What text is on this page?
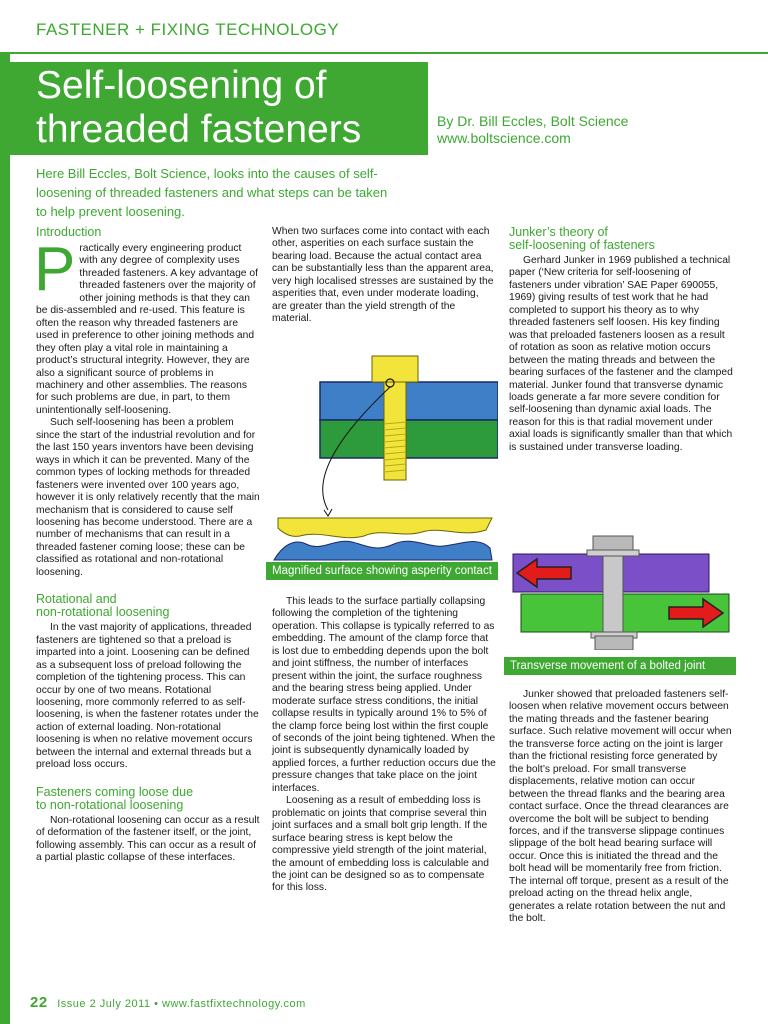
FASTENER + FIXING TECHNOLOGY
Self-loosening of
threaded fasteners	By Dr. Bill Eccles, Bolt Science
www.boltscience.com
Here Bill Eccles, Bolt Science, looks into the causes of self-loosening of threaded fasteners and what steps can be taken to help prevent loosening.
Introduction

Practically every engineering product with any degree of complexity uses threaded fasteners. A key advantage of threaded fasteners over the majority of other joining methods is that they can be dis-assembled and re-used. This feature is often the reason why threaded fasteners are used in preference to other joining methods and they often play a vital role in maintaining a product’s structural integrity. However, they are also a significant source of problems in machinery and other assemblies. The reasons for such problems are due, in part, to them unintentionally self-loosening.

Such self-loosening has been a problem since the start of the industrial revolution and for the last 150 years inventors have been devising ways in which it can be prevented. Many of the common types of locking methods for threaded fasteners were invented over 100 years ago, however it is only relatively recently that the main mechanism that is considered to cause self loosening has become understood. There are a number of mechanisms that can result in a threaded fastener coming loose; these can be classified as rotational and non-rotational loosening.

Rotational and
non-rotational loosening

In the vast majority of applications, threaded fasteners are tightened so that a preload is imparted into a joint. Loosening can be defined as a subsequent loss of preload following the completion of the tightening process. This can occur by one of two means. Rotational loosening, more commonly referred to as self-loosening, is when the fastener rotates under the action of external loading. Non-rotational loosening is when no relative movement occurs between the internal and external threads but a preload loss occurs.

Fasteners coming loose due
to non-rotational loosening

Non-rotational loosening can occur as a result of deformation of the fastener itself, or the joint, following assembly. This can occur as a result of a partial plastic collapse of these interfaces.

When two surfaces come into contact with each other, asperities on each surface sustain the bearing load. Because the actual contact area can be substantially less than the apparent area, very high localised stresses are sustained by the asperities that, even under moderate loading, are greater than the yield strength of the material.

Magnified surface showing asperity contact

This leads to the surface partially collapsing following the completion of the tightening operation. This collapse is typically referred to as embedding. The amount of the clamp force that is lost due to embedding depends upon the bolt and joint stiffness, the number of interfaces present within the joint, the surface roughness and the bearing stress being applied. Under moderate surface stress conditions, the initial collapse results in typically around 1% to 5% of the clamp force being lost within the first couple of seconds of the joint being tightened. When the joint is subsequently dynamically loaded by applied forces, a further reduction occurs due the pressure changes that take place on the joint interfaces.

Loosening as a result of embedding loss is problematic on joints that comprise several thin joint surfaces and a small bolt grip length. If the surface bearing stress is kept below the compressive yield strength of the joint material, the amount of embedding loss is calculable and the joint can be designed so as to compensate for this loss.

Junker’s theory of
self-loosening of fasteners

Gerhard Junker in 1969 published a technical paper (‘New criteria for self-loosening of fasteners under vibration’ SAE Paper 690055, 1969) giving results of test work that he had completed to support his theory as to why threaded fasteners self loosen. His key finding was that preloaded fasteners loosen as a result of rotation as soon as relative motion occurs between the mating threads and between the bearing surfaces of the fastener and the clamped material. Junker found that transverse dynamic loads generate a far more severe condition for self-loosening than dynamic axial loads. The reason for this is that radial movement under axial loads is significantly smaller than that which is sustained under transverse loading.

Transverse movement of a bolted joint

Junker showed that preloaded fasteners self-loosen when relative movement occurs between the mating threads and the fastener bearing surface. Such relative movement will occur when the transverse force acting on the joint is larger than the frictional resisting force generated by the bolt’s preload. For small transverse displacements, relative motion can occur between the thread flanks and the bearing area contact surface. Once the thread clearances are overcome the bolt will be subject to bending forces, and if the transverse slippage continues slippage of the bolt head bearing surface will occur. Once this is initiated the thread and the bolt head will be momentarily free from friction. The internal off torque, present as a result of the preload acting on the thread helix angle, generates a relate rotation between the nut and the bolt.

22 Issue 2 July 2011 • www.fastfixtechnology.com
